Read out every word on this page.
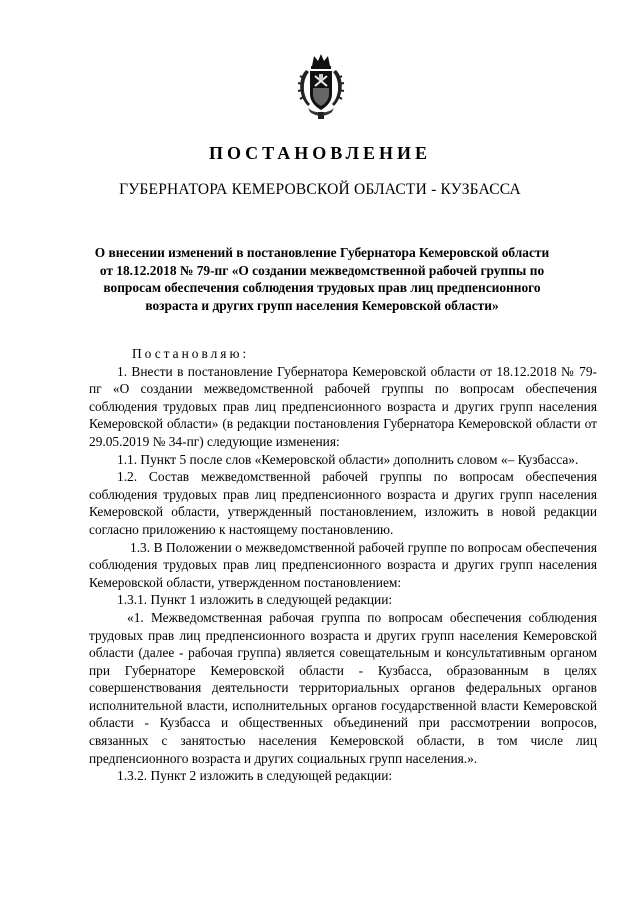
ПОСТАНОВЛЕНИЕ
ГУБЕРНАТОРА КЕМЕРОВСКОЙ ОБЛАСТИ - КУЗБАССА
О внесении изменений в постановление Губернатора Кемеровской области от 18.12.2018 № 79-пг «О создании межведомственной рабочей группы по вопросам обеспечения соблюдения трудовых прав лиц предпенсионного возраста и других групп населения Кемеровской области»

Постановляю:

1. Внести в постановление Губернатора Кемеровской области от 18.12.2018 № 79-пг «О создании межведомственной рабочей группы по вопросам обеспечения соблюдения трудовых прав лиц предпенсионного возраста и других групп населения Кемеровской области» (в редакции постановления Губернатора Кемеровской области от 29.05.2019 № 34-пг) следующие изменения:

1.1. Пункт 5 после слов «Кемеровской области» дополнить словом «– Кузбасса».

1.2. Состав межведомственной рабочей группы по вопросам обеспечения соблюдения трудовых прав лиц предпенсионного возраста и других групп населения Кемеровской области, утвержденный постановлением, изложить в новой редакции согласно приложению к настоящему постановлению.

1.3. В Положении о межведомственной рабочей группе по вопросам обеспечения соблюдения трудовых прав лиц предпенсионного возраста и других групп населения Кемеровской области, утвержденном постановлением:

1.3.1. Пункт 1 изложить в следующей редакции:

«1. Межведомственная рабочая группа по вопросам обеспечения соблюдения трудовых прав лиц предпенсионного возраста и других групп населения Кемеровской области (далее - рабочая группа) является совещательным и консультативным органом при Губернаторе Кемеровской области - Кузбасса, образованным в целях совершенствования деятельности территориальных органов федеральных органов исполнительной власти, исполнительных органов государственной власти Кемеровской области - Кузбасса и общественных объединений при рассмотрении вопросов, связанных с занятостью населения Кемеровской области, в том числе лиц предпенсионного возраста и других социальных групп населения.».

1.3.2. Пункт 2 изложить в следующей редакции:
